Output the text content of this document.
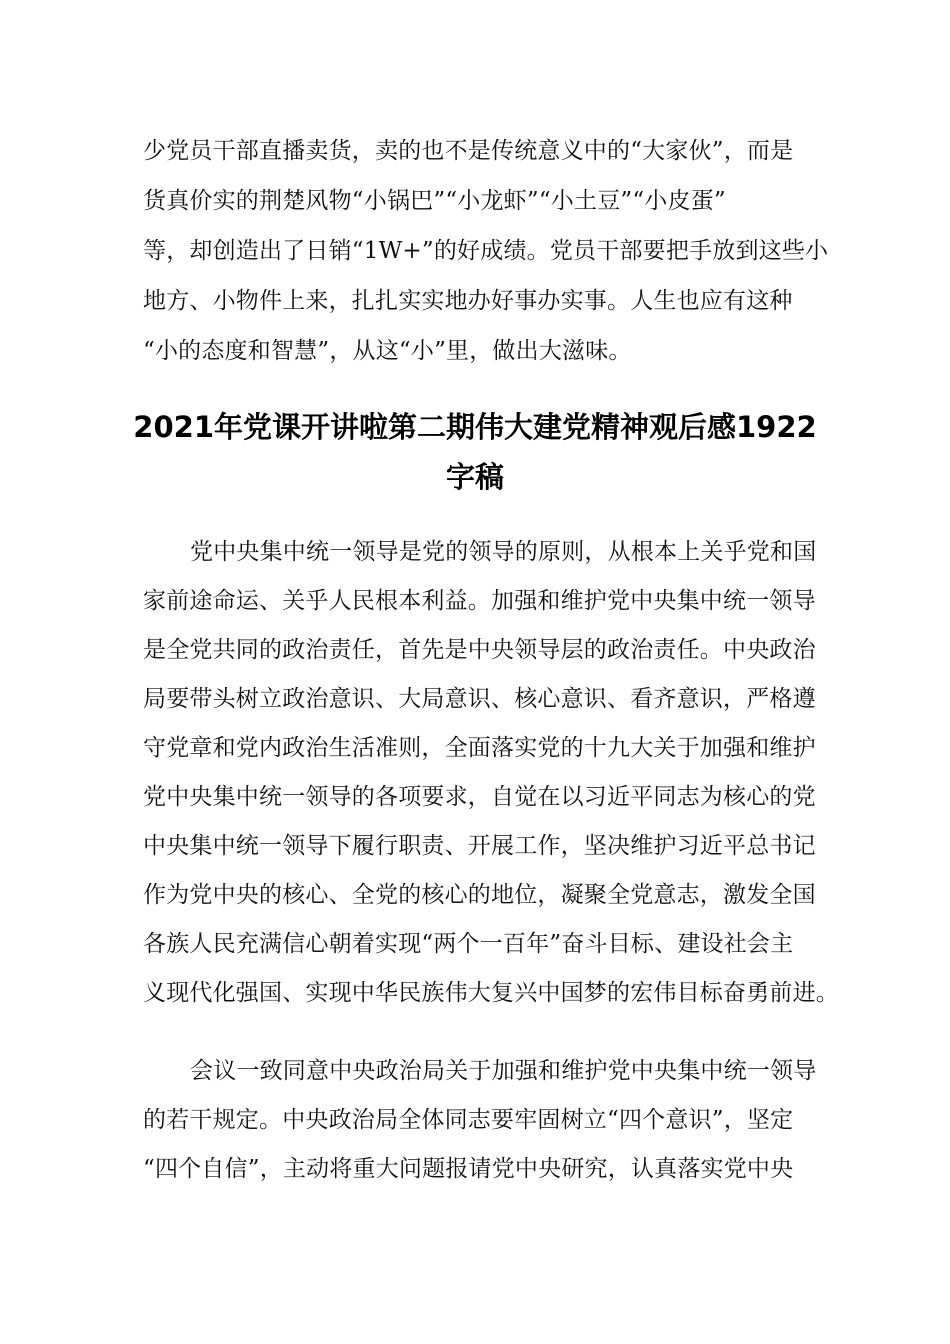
少党员干部直播卖货，卖的也不是传统意义中的“大家伙”，而是

货真价实的荆楚风物“小锅巴”“小龙虾”“小土豆”“小皮蛋”

等，却创造出了日销“1W+”的好成绩。党员干部要把手放到这些小

地方、小物件上来，扎扎实实地办好事办实事。人生也应有这种

“小的态度和智慧”，从这“小”里，做出大滋味。

2021年党课开讲啦第二期伟大建党精神观后感1922
字稿

党中央集中统一领导是党的领导的原则，从根本上关乎党和国

家前途命运、关乎人民根本利益。加强和维护党中央集中统一领导

是全党共同的政治责任，首先是中央领导层的政治责任。中央政治

局要带头树立政治意识、大局意识、核心意识、看齐意识，严格遵

守党章和党内政治生活准则，全面落实党的十九大关于加强和维护

党中央集中统一领导的各项要求，自觉在以习近平同志为核心的党

中央集中统一领导下履行职责、开展工作，坚决维护习近平总书记

作为党中央的核心、全党的核心的地位，凝聚全党意志，激发全国

各族人民充满信心朝着实现“两个一百年”奋斗目标、建设社会主

义现代化强国、实现中华民族伟大复兴中国梦的宏伟目标奋勇前进。

会议一致同意中央政治局关于加强和维护党中央集中统一领导

的若干规定。中央政治局全体同志要牢固树立“四个意识”，坚定

“四个自信”，主动将重大问题报请党中央研究，认真落实党中央
